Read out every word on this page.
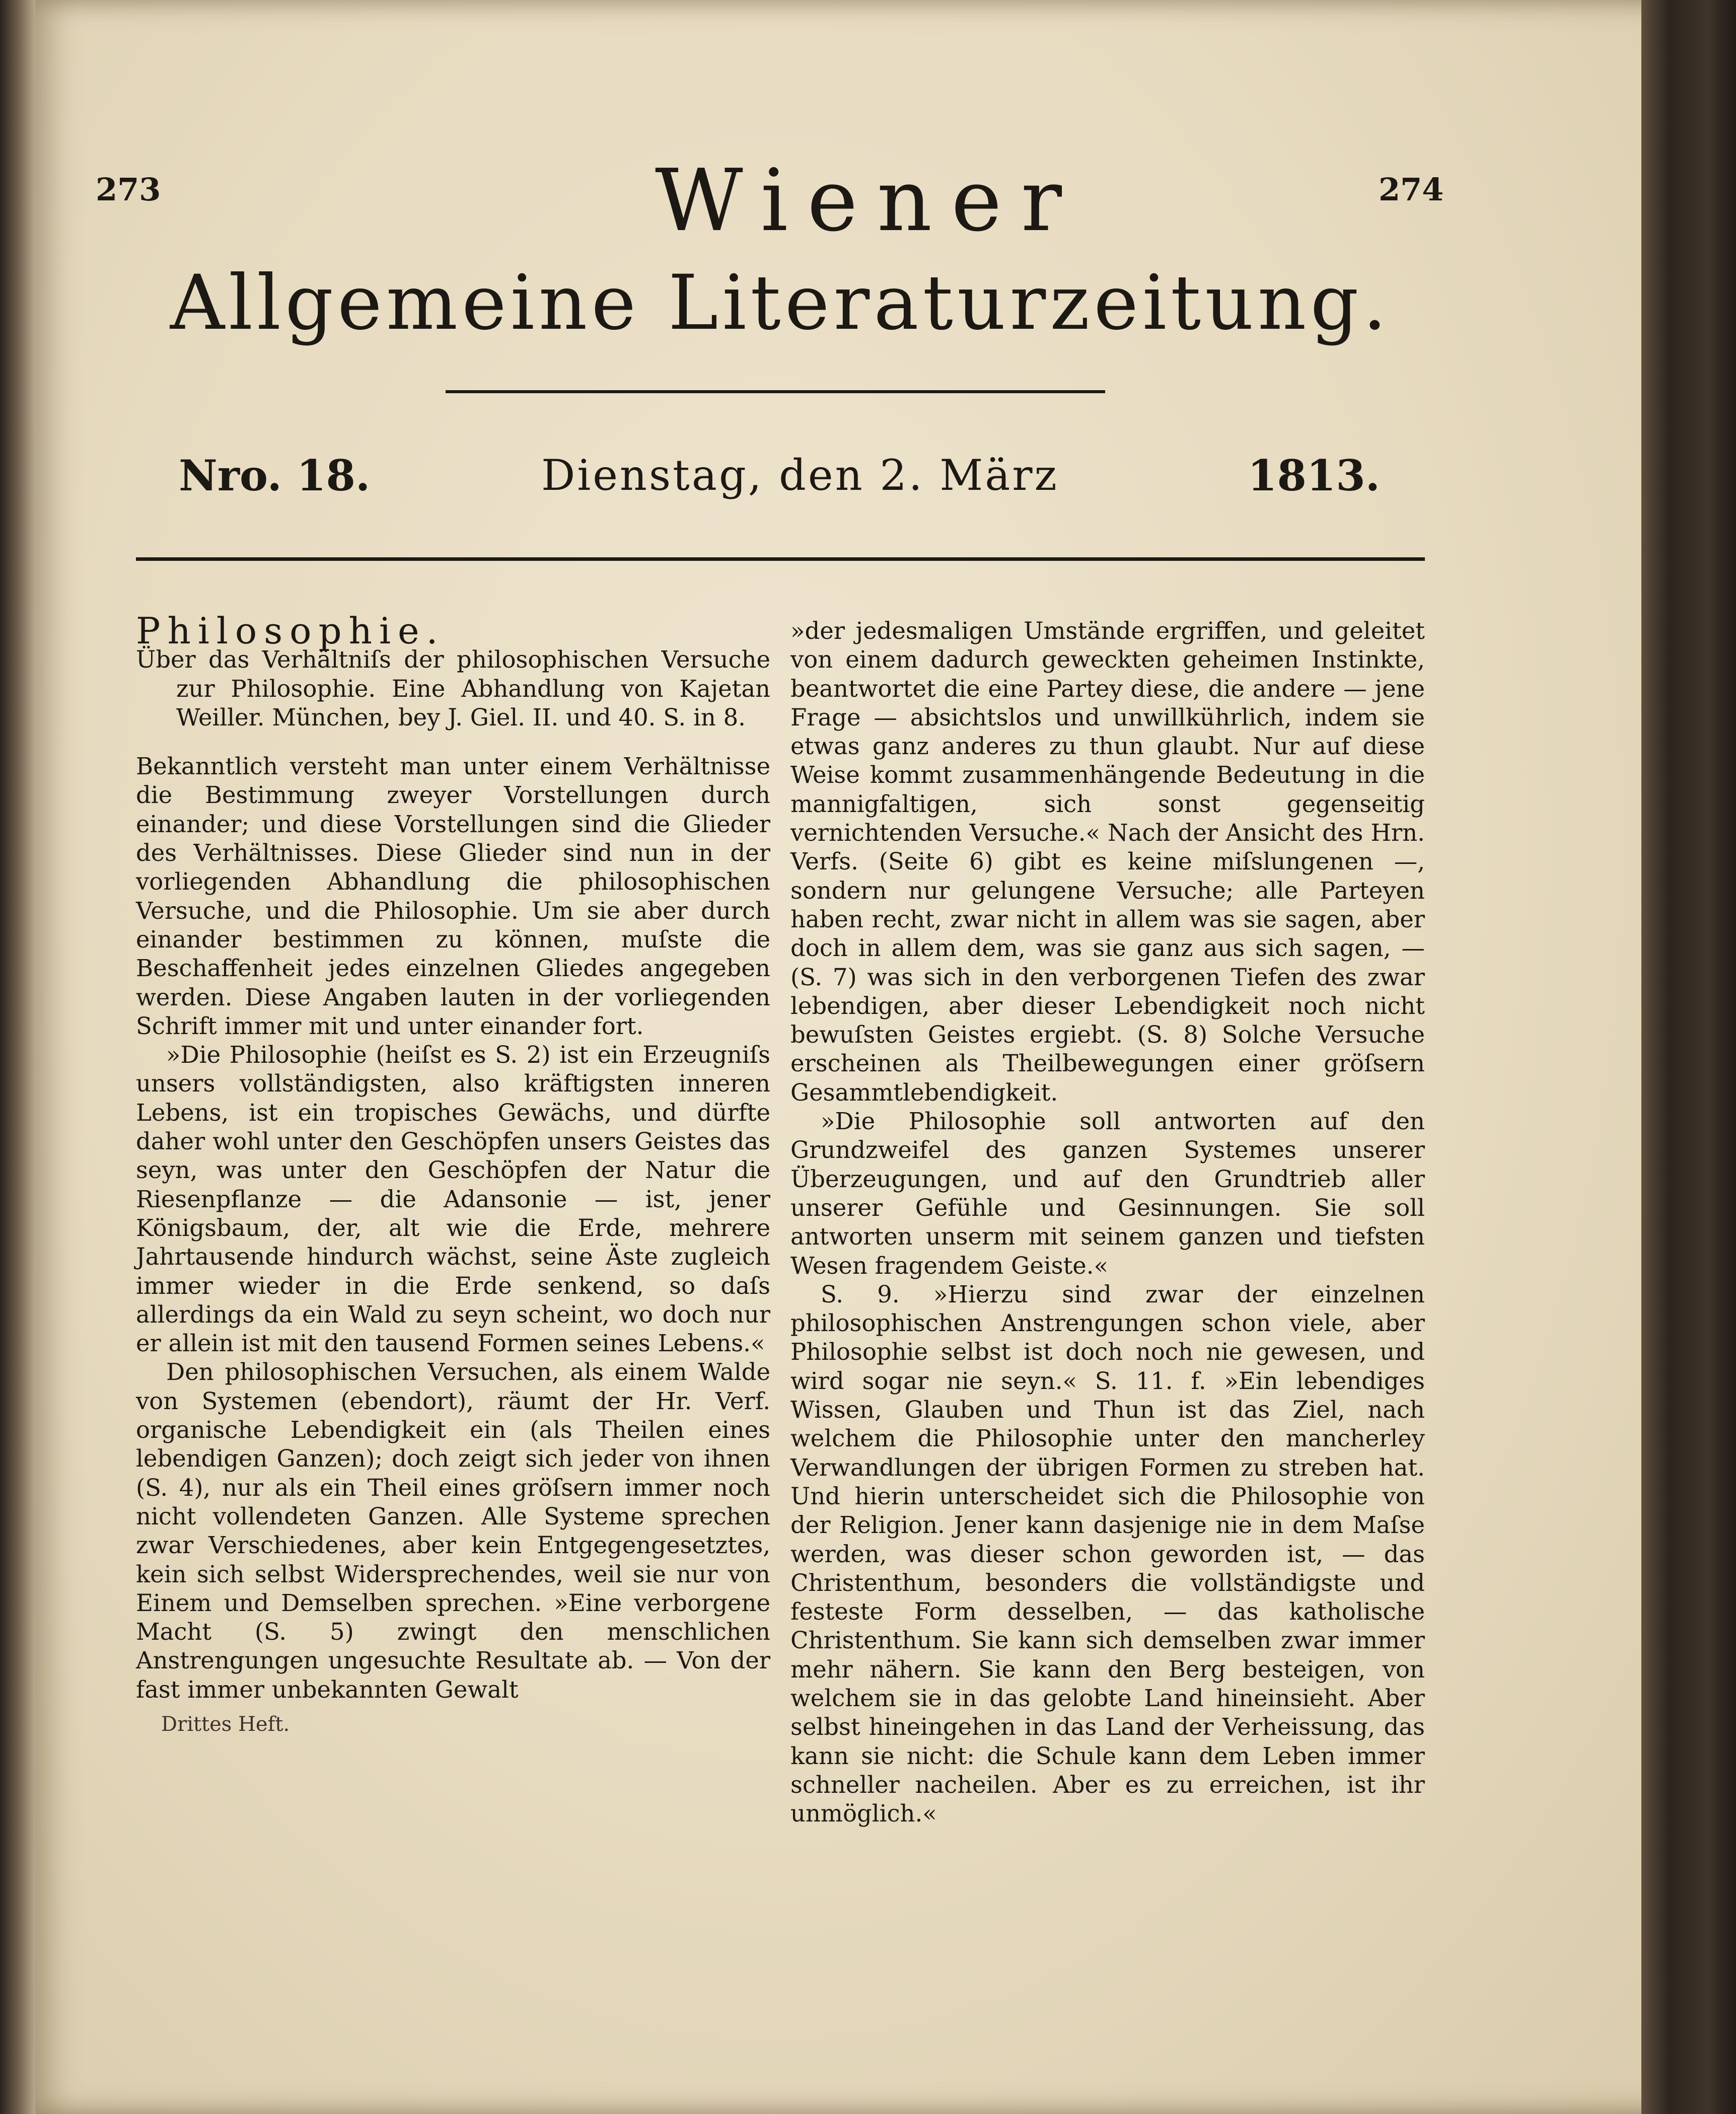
273	274
Wiener
Allgemeine Literaturzeitung.
Nro. 18.	Dienstag, den 2. März	1813.

Philosophie.

Über das Verhältniſs der philosophischen Versuche zur Philosophie. Eine Abhandlung von Kajetan Weiller. München, bey J. Giel. II. und 40. S. in 8.

Bekanntlich versteht man unter einem Verhältnisse die Bestimmung zweyer Vorstellungen durch einander; und diese Vorstellungen sind die Glieder des Verhältnisses. Diese Glieder sind nun in der vorliegenden Abhandlung die philosophischen Versuche, und die Philosophie. Um sie aber durch einander bestimmen zu können, muſste die Beschaffenheit jedes einzelnen Gliedes angegeben werden. Diese Angaben lauten in der vorliegenden Schrift immer mit und unter einander fort.

»Die Philosophie (heiſst es S. 2) ist ein Erzeugniſs unsers vollständigsten, also kräftigsten inneren Lebens, ist ein tropisches Gewächs, und dürfte daher wohl unter den Geschöpfen unsers Geistes das seyn, was unter den Geschöpfen der Natur die Riesenpflanze — die Adansonie — ist, jener Königsbaum, der, alt wie die Erde, mehrere Jahrtausende hindurch wächst, seine Äste zugleich immer wieder in die Erde senkend, so daſs allerdings da ein Wald zu seyn scheint, wo doch nur er allein ist mit den tausend Formen seines Lebens.«

Den philosophischen Versuchen, als einem Walde von Systemen (ebendort), räumt der Hr. Verf. organische Lebendigkeit ein (als Theilen eines lebendigen Ganzen); doch zeigt sich jeder von ihnen (S. 4), nur als ein Theil eines gröſsern immer noch nicht vollendeten Ganzen. Alle Systeme sprechen zwar Verschiedenes, aber kein Entgegengesetztes, kein sich selbst Widersprechendes, weil sie nur von Einem und Demselben sprechen. »Eine verborgene Macht (S. 5) zwingt den menschlichen Anstrengungen ungesuchte Resultate ab. — Von der fast immer unbekannten Gewalt

Drittes Heft.

»der jedesmaligen Umstände ergriffen, und geleitet von einem dadurch geweckten geheimen Instinkte, beantwortet die eine Partey diese, die andere — jene Frage — absichtslos und unwillkührlich, indem sie etwas ganz anderes zu thun glaubt. Nur auf diese Weise kommt zusammenhängende Bedeutung in die mannigfaltigen, sich sonst gegenseitig vernichtenden Versuche.« Nach der Ansicht des Hrn. Verfs. (Seite 6) gibt es keine miſslungenen —, sondern nur gelungene Versuche; alle Parteyen haben recht, zwar nicht in allem was sie sagen, aber doch in allem dem, was sie ganz aus sich sagen, — (S. 7) was sich in den verborgenen Tiefen des zwar lebendigen, aber dieser Lebendigkeit noch nicht bewuſsten Geistes ergiebt. (S. 8) Solche Versuche erscheinen als Theilbewegungen einer gröſsern Gesammtlebendigkeit.

»Die Philosophie soll antworten auf den Grundzweifel des ganzen Systemes unserer Überzeugungen, und auf den Grundtrieb aller unserer Gefühle und Gesinnungen. Sie soll antworten unserm mit seinem ganzen und tiefsten Wesen fragendem Geiste.«

S. 9. »Hierzu sind zwar der einzelnen philosophischen Anstrengungen schon viele, aber Philosophie selbst ist doch noch nie gewesen, und wird sogar nie seyn.« S. 11. f. »Ein lebendiges Wissen, Glauben und Thun ist das Ziel, nach welchem die Philosophie unter den mancherley Verwandlungen der übrigen Formen zu streben hat. Und hierin unterscheidet sich die Philosophie von der Religion. Jener kann dasjenige nie in dem Maſse werden, was dieser schon geworden ist, — das Christenthum, besonders die vollständigste und festeste Form desselben, — das katholische Christenthum. Sie kann sich demselben zwar immer mehr nähern. Sie kann den Berg besteigen, von welchem sie in das gelobte Land hineinsieht. Aber selbst hineingehen in das Land der Verheissung, das kann sie nicht: die Schule kann dem Leben immer schneller nacheilen. Aber es zu erreichen, ist ihr unmöglich.«
